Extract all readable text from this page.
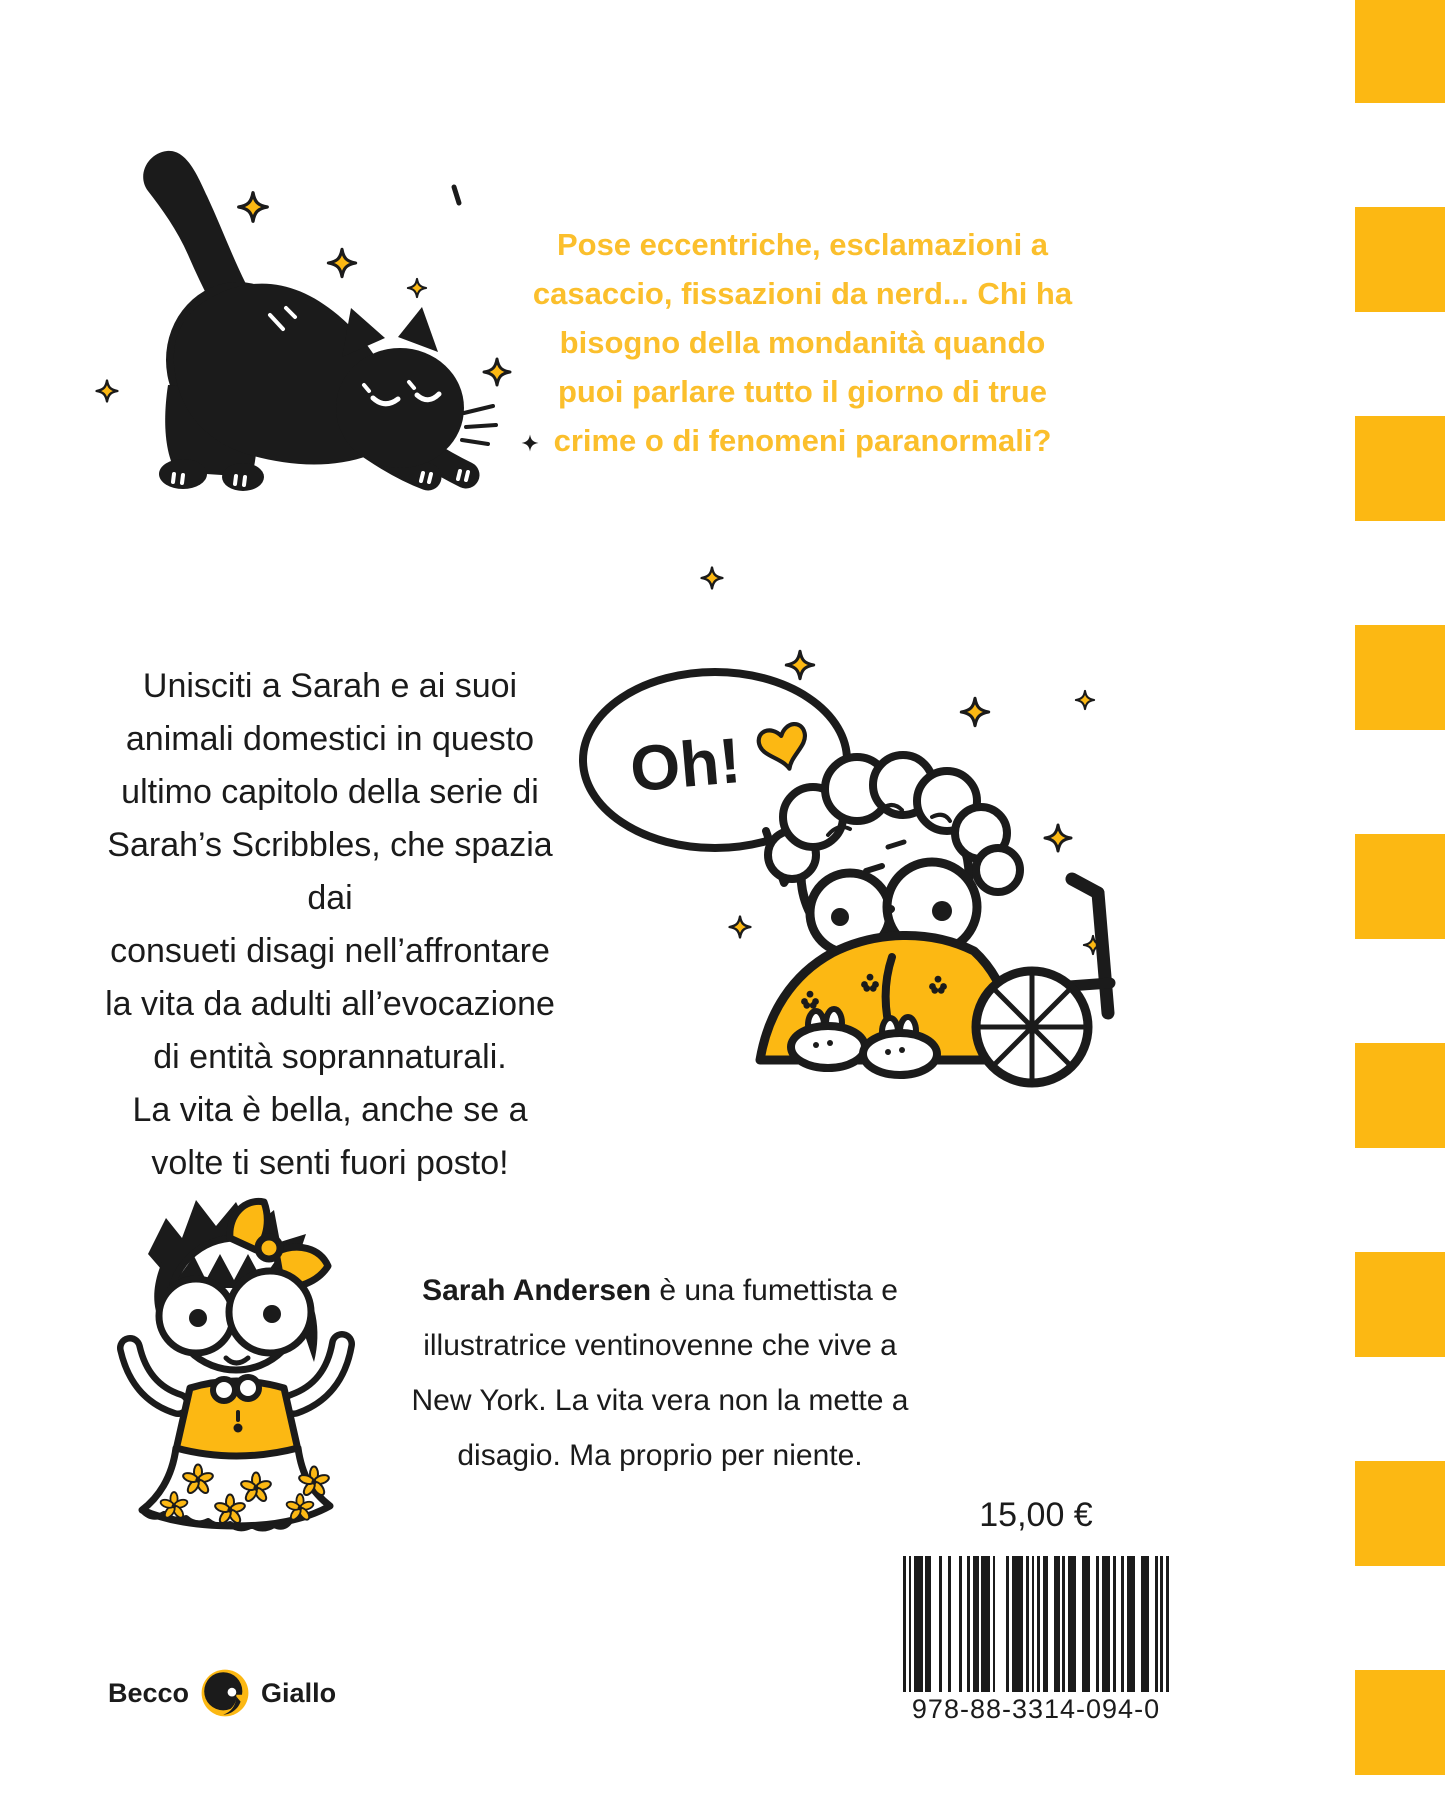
Pose eccentriche, esclamazioni a
casaccio, fissazioni da nerd... Chi ha
bisogno della mondanità quando
puoi parlare tutto il giorno di true
crime o di fenomeni paranormali?
Unisciti a Sarah e ai suoi
animali domestici in questo
ultimo capitolo della serie di
Sarah’s Scribbles, che spazia dai
consueti disagi nell’affrontare
la vita da adulti all’evocazione
di entità soprannaturali.
La vita è bella, anche se a
volte ti senti fuori posto!
Oh!
Sarah Andersen è una fumettista e
illustratrice ventinovenne che vive a
New York. La vita vera non la mette a
disagio. Ma proprio per niente.
15,00 €
978-88-3314-094-0
Becco	Giallo
